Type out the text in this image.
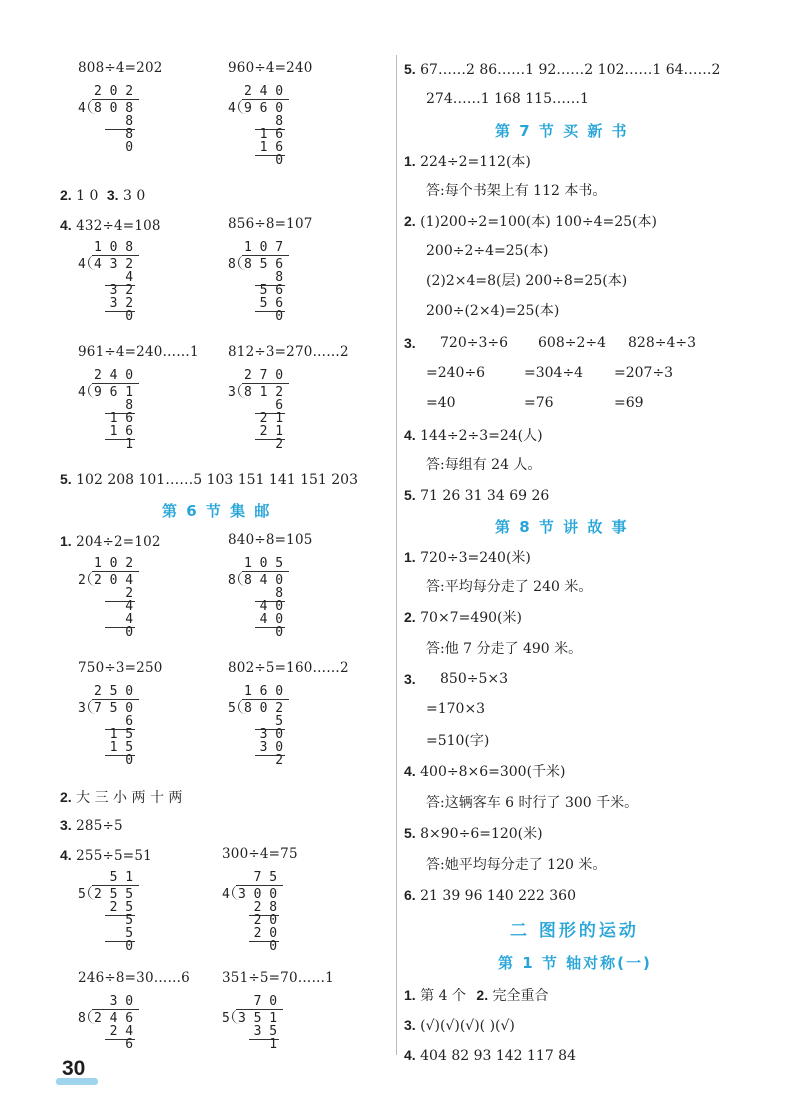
808÷4=202	960÷4=240
2 0 2
4 8 0 8
8
8
0
2 4 0
4 9 6 0
8
1 6
1 6
0
2. 1 0 3. 3 0
4. 432÷4=108	856÷8=107
1 0 8
4 4 3 2
4
3 2
3 2
0
1 0 7
8 8 5 6
8
5 6
5 6
0
961÷4=240……1 812÷3=270……2
2 4 0
4 9 6 1
8
1 6
1 6
1
2 7 0
3 8 1 2
6
2 1
2 1
2
5. 102 208 101……5 103 151 141 151 203
第 6 节 集 邮
1. 204÷2=102	840÷8=105
1 0 2
2 2 0 4
2
4
4
0
1 0 5
8 8 4 0
8
4 0
4 0
0
750÷3=250	802÷5=160……2
2 5 0
3 7 5 0
6
1 5
1 5
0
1 6 0
5 8 0 2
5
3 0
3 0
2
2. 大 三 小 两 十 两
3. 285÷5
4. 255÷5=51	300÷4=75
5 1
5 2 5 5
2 5
5
5
0
7 5
4 3 0 0
2 8
2 0
2 0
0
246÷8=30……6 351÷5=70……1
3 0
8 2 4 6
2 4
6
7 0
5 3 5 1
3 5
1
30
5. 67……2 86……1 92……2 102……1 64……2
274……1 168 115……1
第 7 节 买 新 书
1. 224÷2=112(本)
答:每个书架上有 112 本书。
2. (1)200÷2=100(本) 100÷4=25(本)
200÷2÷4=25(本)
(2)2×4=8(层) 200÷8=25(本)
200÷(2×4)=25(本)
3. 720÷3÷6 608÷2÷4 828÷4÷3
=240÷6	=304÷4 =207÷3
=40	=76	=69
4. 144÷2÷3=24(人)
答:每组有 24 人。
5. 71 26 31 34 69 26
第 8 节 讲 故 事
1. 720÷3=240(米)
答:平均每分走了 240 米。
2. 70×7=490(米)
答:他 7 分走了 490 米。
3. 850÷5×3
=170×3
=510(字)
4. 400÷8×6=300(千米)
答:这辆客车 6 时行了 300 千米。
5. 8×90÷6=120(米)
答:她平均每分走了 120 米。
6. 21 39 96 140 222 360
二 图形的运动
第 1 节 轴对称(一)
1. 第 4 个 2. 完全重合
3. (√)(√)(√)( )(√)
4. 404 82 93 142 117 84
